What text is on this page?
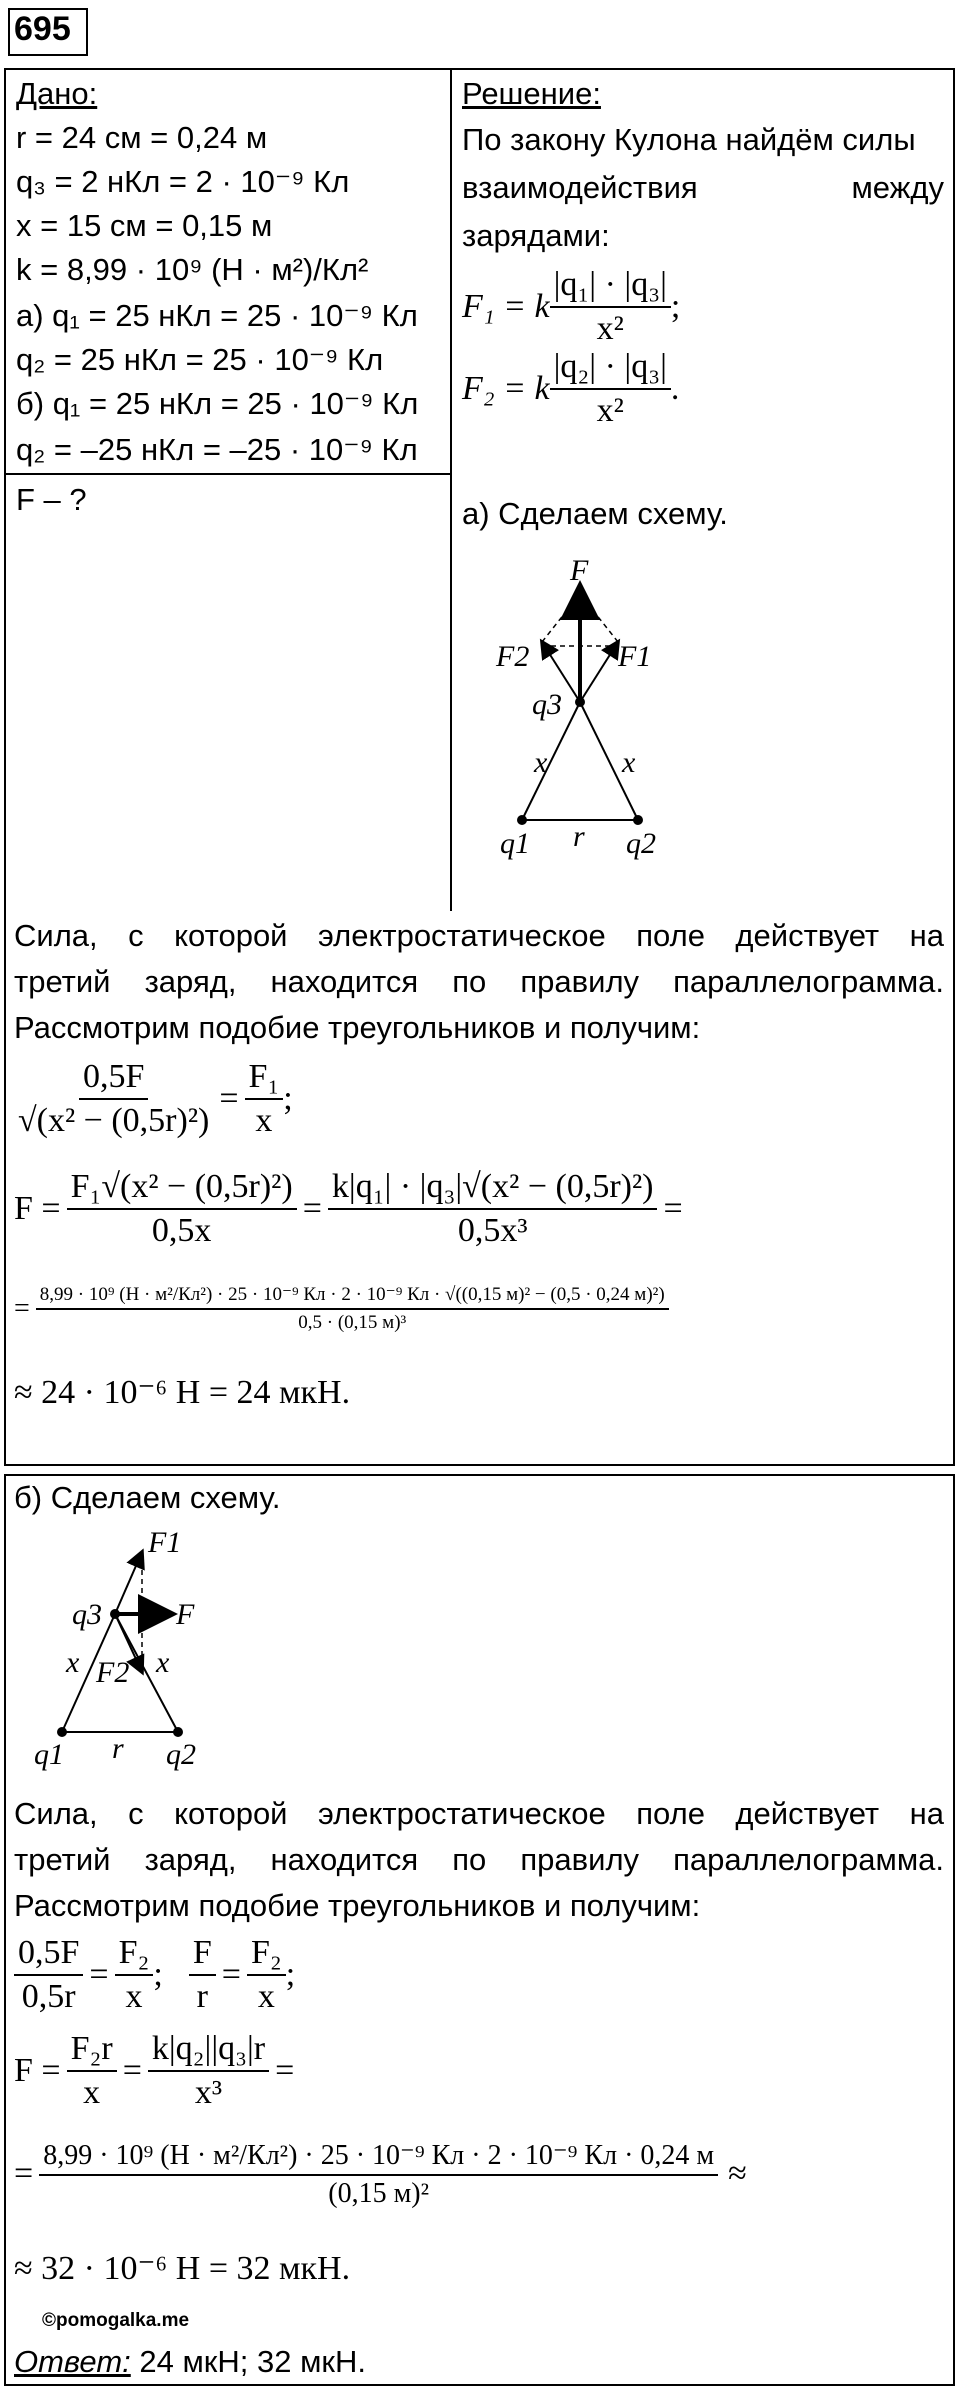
695
Дано:
r = 24 см = 0,24 м
q₃ = 2 нКл = 2 · 10⁻⁹ Кл
x = 15 см = 0,15 м
k = 8,99 · 10⁹ (Н · м²)/Кл²
а) q₁ = 25 нКл = 25 · 10⁻⁹ Кл
q₂ = 25 нКл = 25 · 10⁻⁹ Кл
б) q₁ = 25 нКл = 25 · 10⁻⁹ Кл
q₂ = –25 нКл = –25 · 10⁻⁹ Кл
F – ?
Решение:
По закону Кулона найдём силы
взаимодействия между
зарядами:
F₁ = k $\frac{\text{|q₁| · |q₃|}}{\text{x²}}$ ;
F₂ = k $\frac{\text{|q₂| · |q₃|}}{\text{x²}}$ .
а) Сделаем схему.
F
F2	F1
q3
x x
q1 r q2
Сила, с которой электростатическое поле действует на
третий заряд, находится по правилу параллелограмма.
Рассмотрим подобие треугольников и получим:
$\frac{0,5F}{\text{√(x² − (0,5r)²)}} = \frac{\text{F₁}}{x}$ ;
$F = \frac{\text{F₁√(x² − (0,5r)²)}}{0,5x} = \frac{\text{k|q₁| · |q₃|√(x² − (0,5r)²)}}{\text{0,5x³}}$ =
= 8,99 · 10⁹ (Н · м²/Кл²) · 25 · 10⁻⁹ Кл · 2 · 10⁻⁹ Кл · √((0,15 м)² − (0,5 · 0,24 м)²)
0,5 · (0,15 м)³
≈ 24 · 10⁻⁶ Н = 24 мкН.
б) Сделаем схему.
F1
F
q3
F2
x	x
q1 r q2
Сила, с которой электростатическое поле действует на
третий заряд, находится по правилу параллелограмма.
Рассмотрим подобие треугольников и получим:
$\frac{0,5F}{0,5r} = \frac{\text{F₂}}{x}$ ; $\frac{F}{r} = \frac{\text{F₂}}{x}$ ;
$F = \frac{\text{F₂r}}{x} = \frac{\text{k|q₂||q₃|r}}{\text{x³}}$ =
= 8,99 · 10⁹ (Н · м²/Кл²) · 25 · 10⁻⁹ Кл · 2 · 10⁻⁹ Кл · 0,24 м
(0,15 м)²
≈
≈ 32 · 10⁻⁶ Н = 32 мкН.
©pomogalka.me
Ответ: 24 мкН; 32 мкН.
